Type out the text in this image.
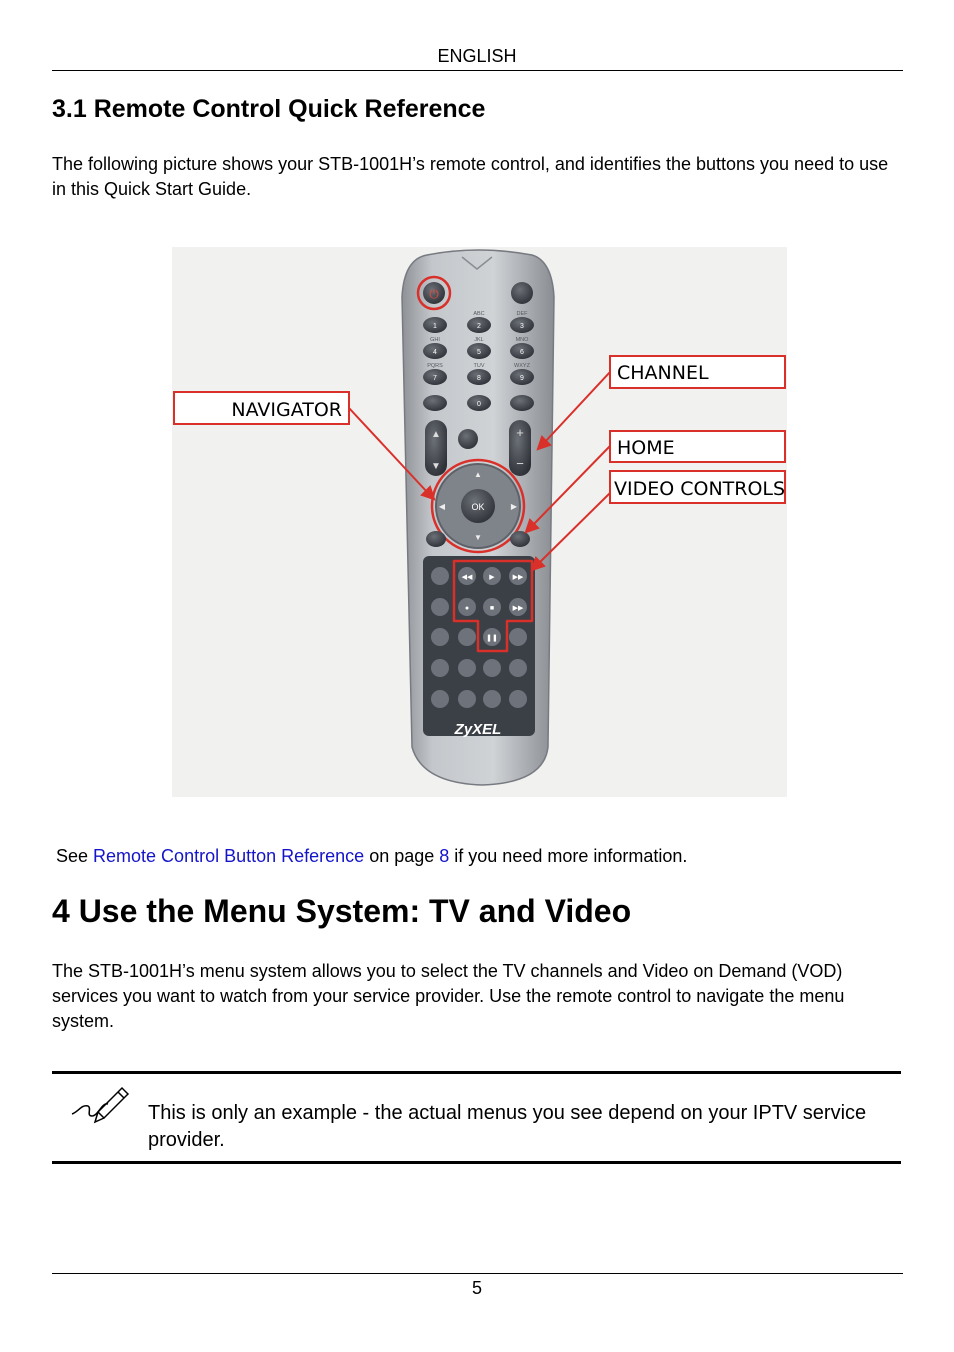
ENGLISH
3.1 Remote Control Quick Reference
The following picture shows your STB-1001H’s remote control, and identifies the buttons you need to use in this Quick Start Guide.
⏻
1	2	3
4	5	6
7	8	9
0
ABC	DEF
GHI	JKL	MNO
PQRS	TUV	WXYZ
▲
▼
+
−
OK
▲
▼
◀	▶
◀◀ ▶	▶▶
●	■	▶▶
❚❚
ZyXEL
NAVIGATOR
CHANNEL
HOME
VIDEO CONTROLS
See Remote Control Button Reference on page 8 if you need more information.
4 Use the Menu System: TV and Video
The STB-1001H’s menu system allows you to select the TV channels and Video on Demand (VOD) services you want to watch from your service provider. Use the remote control to navigate the menu system.
This is only an example - the actual menus you see depend on your IPTV service provider.
5
